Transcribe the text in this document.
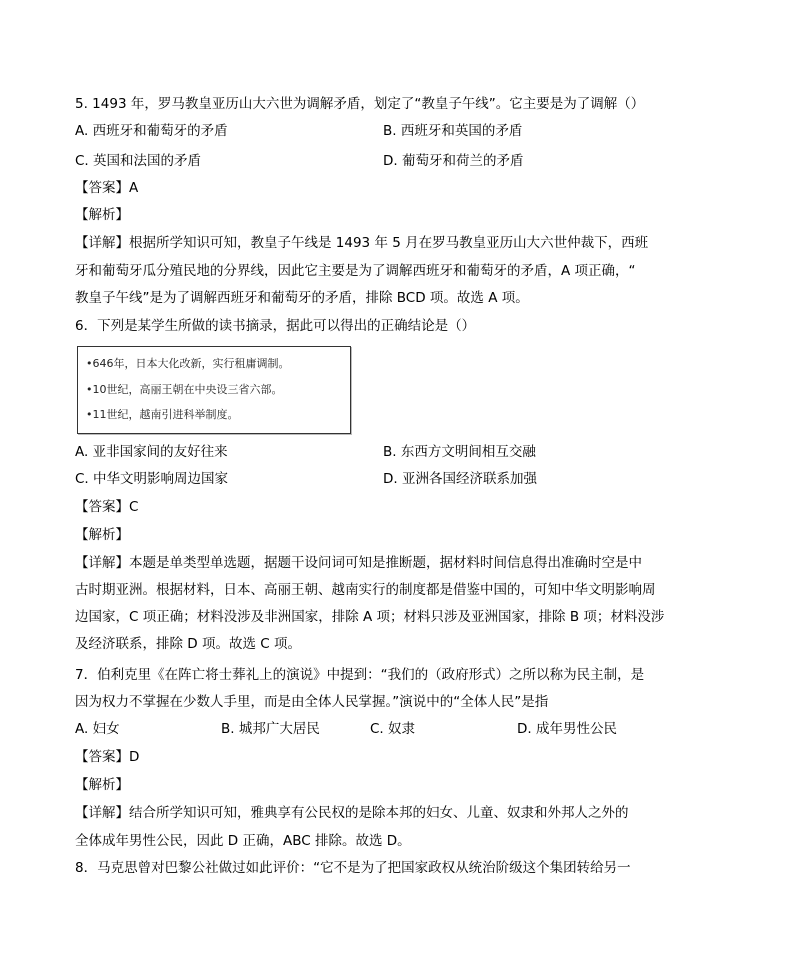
5. 1493 年，罗马教皇亚历山大六世为调解矛盾，划定了“教皇子午线”。它主要是为了调解（）
A. 西班牙和葡萄牙的矛盾	B. 西班牙和英国的矛盾
C. 英国和法国的矛盾	D. 葡萄牙和荷兰的矛盾
【答案】A
【解析】
【详解】根据所学知识可知，教皇子午线是 1493 年 5 月在罗马教皇亚历山大六世仲裁下，西班
牙和葡萄牙瓜分殖民地的分界线，因此它主要是为了调解西班牙和葡萄牙的矛盾，A 项正确，“
教皇子午线”是为了调解西班牙和葡萄牙的矛盾，排除 BCD 项。故选 A 项。
6．下列是某学生所做的读书摘录，据此可以得出的正确结论是（）
•646年，日本大化改新，实行租庸调制。
•10世纪，高丽王朝在中央设三省六部。
•11世纪，越南引进科举制度。
A. 亚非国家间的友好往来	B. 东西方文明间相互交融
C. 中华文明影响周边国家	D. 亚洲各国经济联系加强
【答案】C
【解析】
【详解】本题是单类型单选题，据题干设问词可知是推断题，据材料时间信息得出准确时空是中
古时期亚洲。根据材料，日本、高丽王朝、越南实行的制度都是借鉴中国的，可知中华文明影响周
边国家，C 项正确；材料没涉及非洲国家，排除 A 项；材料只涉及亚洲国家，排除 B 项；材料没涉
及经济联系，排除 D 项。故选 C 项。
7．伯利克里《在阵亡将士葬礼上的演说》中提到：“我们的（政府形式）之所以称为民主制，是
因为权力不掌握在少数人手里，而是由全体人民掌握。”演说中的“全体人民”是指
A. 妇女	B. 城邦广大居民	C. 奴隶	D. 成年男性公民
【答案】D
【解析】
【详解】结合所学知识可知，雅典享有公民权的是除本邦的妇女、儿童、奴隶和外邦人之外的
全体成年男性公民，因此 D 正确，ABC 排除。故选 D。
8．马克思曾对巴黎公社做过如此评价：“它不是为了把国家政权从统治阶级这个集团转给另一
